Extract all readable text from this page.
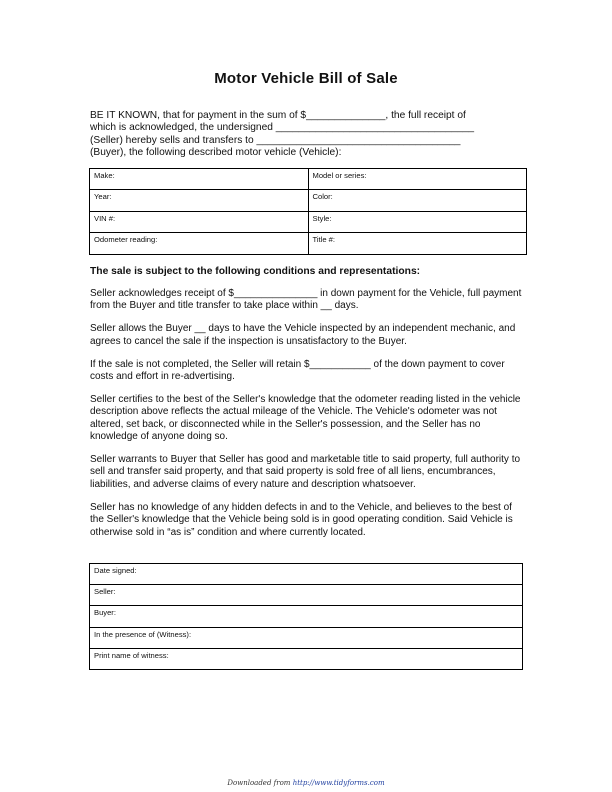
Motor Vehicle Bill of Sale

BE IT KNOWN, that for payment in the sum of $______________, the full receipt of

which is acknowledged, the undersigned ___________________________________

(Seller) hereby sells and transfers to ____________________________________

(Buyer), the following described motor vehicle (Vehicle):

Make:	Model or series:
Year:	Color:
VIN #:	Style:
Odometer reading:	Title #:

The sale is subject to the following conditions and representations:

Seller acknowledges receipt of $_______________ in down payment for the Vehicle, full payment from the Buyer and title transfer to take place within __ days.

Seller allows the Buyer __ days to have the Vehicle inspected by an independent mechanic, and agrees to cancel the sale if the inspection is unsatisfactory to the Buyer.

If the sale is not completed, the Seller will retain $___________ of the down payment to cover costs and effort in re-advertising.

Seller certifies to the best of the Seller's knowledge that the odometer reading listed in the vehicle description above reflects the actual mileage of the Vehicle. The Vehicle's odometer was not altered, set back, or disconnected while in the Seller's possession, and the Seller has no knowledge of anyone doing so.

Seller warrants to Buyer that Seller has good and marketable title to said property, full authority to sell and transfer said property, and that said property is sold free of all liens, encumbrances, liabilities, and adverse claims of every nature and description whatsoever.

Seller has no knowledge of any hidden defects in and to the Vehicle, and believes to the best of the Seller's knowledge that the Vehicle being sold is in good operating condition. Said Vehicle is otherwise sold in “as is” condition and where currently located.

Date signed:
Seller:
Buyer:
In the presence of (Witness):
Print name of witness:
Downloaded from http://www.tidyforms.com
